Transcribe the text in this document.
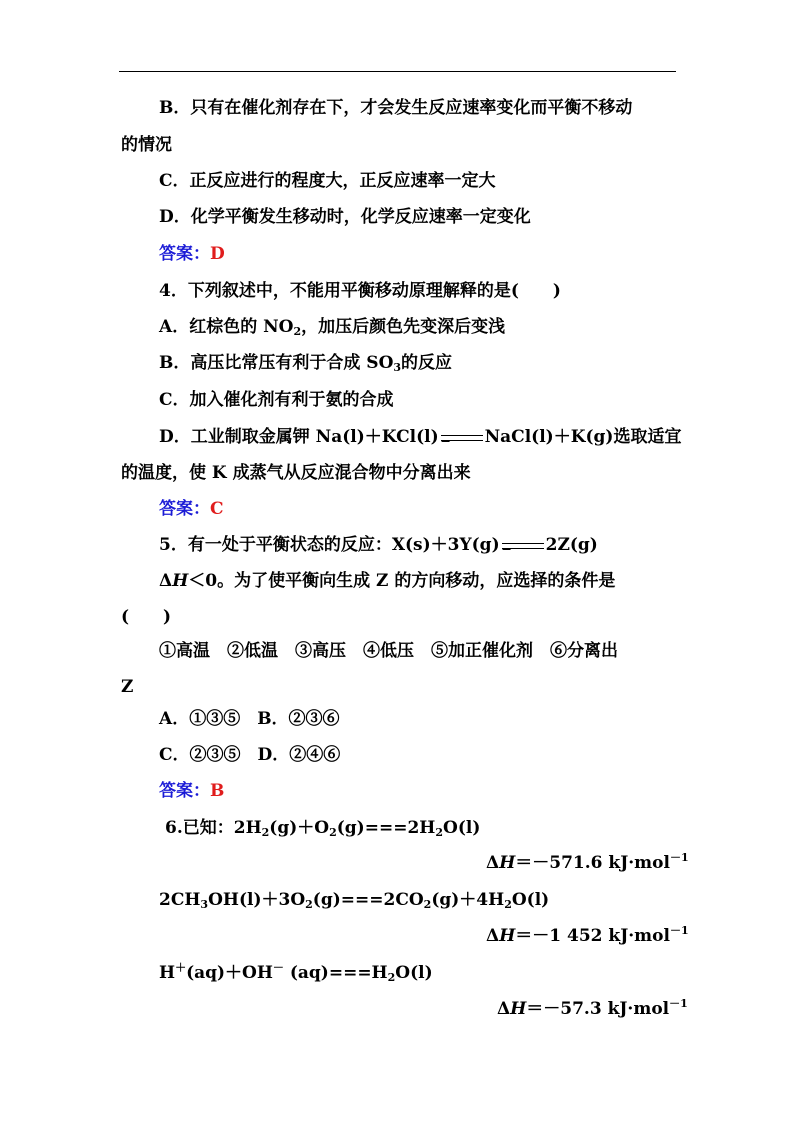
B．只有在催化剂存在下，才会发生反应速率变化而平衡不移动
的情况
C．正反应进行的程度大，正反应速率一定大
D．化学平衡发生移动时，化学反应速率一定变化
答案：D
4．下列叙述中，不能用平衡移动原理解释的是(　　)
A．红棕色的 $NO_2$，加压后颜色先变深后变浅
B．高压比常压有利于合成 $SO_3$的反应
C．加入催化剂有利于氨的合成
D．工业制取金属钾 Na(l)＋KCl(l)	NaCl(l)＋K(g)选取适宜
的温度，使 K 成蒸气从反应混合物中分离出来
答案：C
5．有一处于平衡状态的反应：X(s)＋3Y(g)	2Z(g)
ΔH＜0。为了使平衡向生成 Z 的方向移动，应选择的条件是
(　　)
①高温　②低温　③高压　④低压　⑤加正催化剂　⑥分离出
Z
A．①③⑤　B．②③⑥
C．②③⑤　D．②④⑥
答案：B
6.已知：$2H_2(g)+O_2(g)===2H_2O(l)$
ΔH＝－571.6 kJ·mol$^{-1}$
$2CH_3OH(l)+3O_2(g)===2CO_2(g)+4H_2O(l)$
ΔH＝－1 452 kJ·mol$^{-1}$
H＋(aq)＋OH－ $(aq)===H_2O(l)$
ΔH＝－57.3 kJ·mol$^{-1}$
